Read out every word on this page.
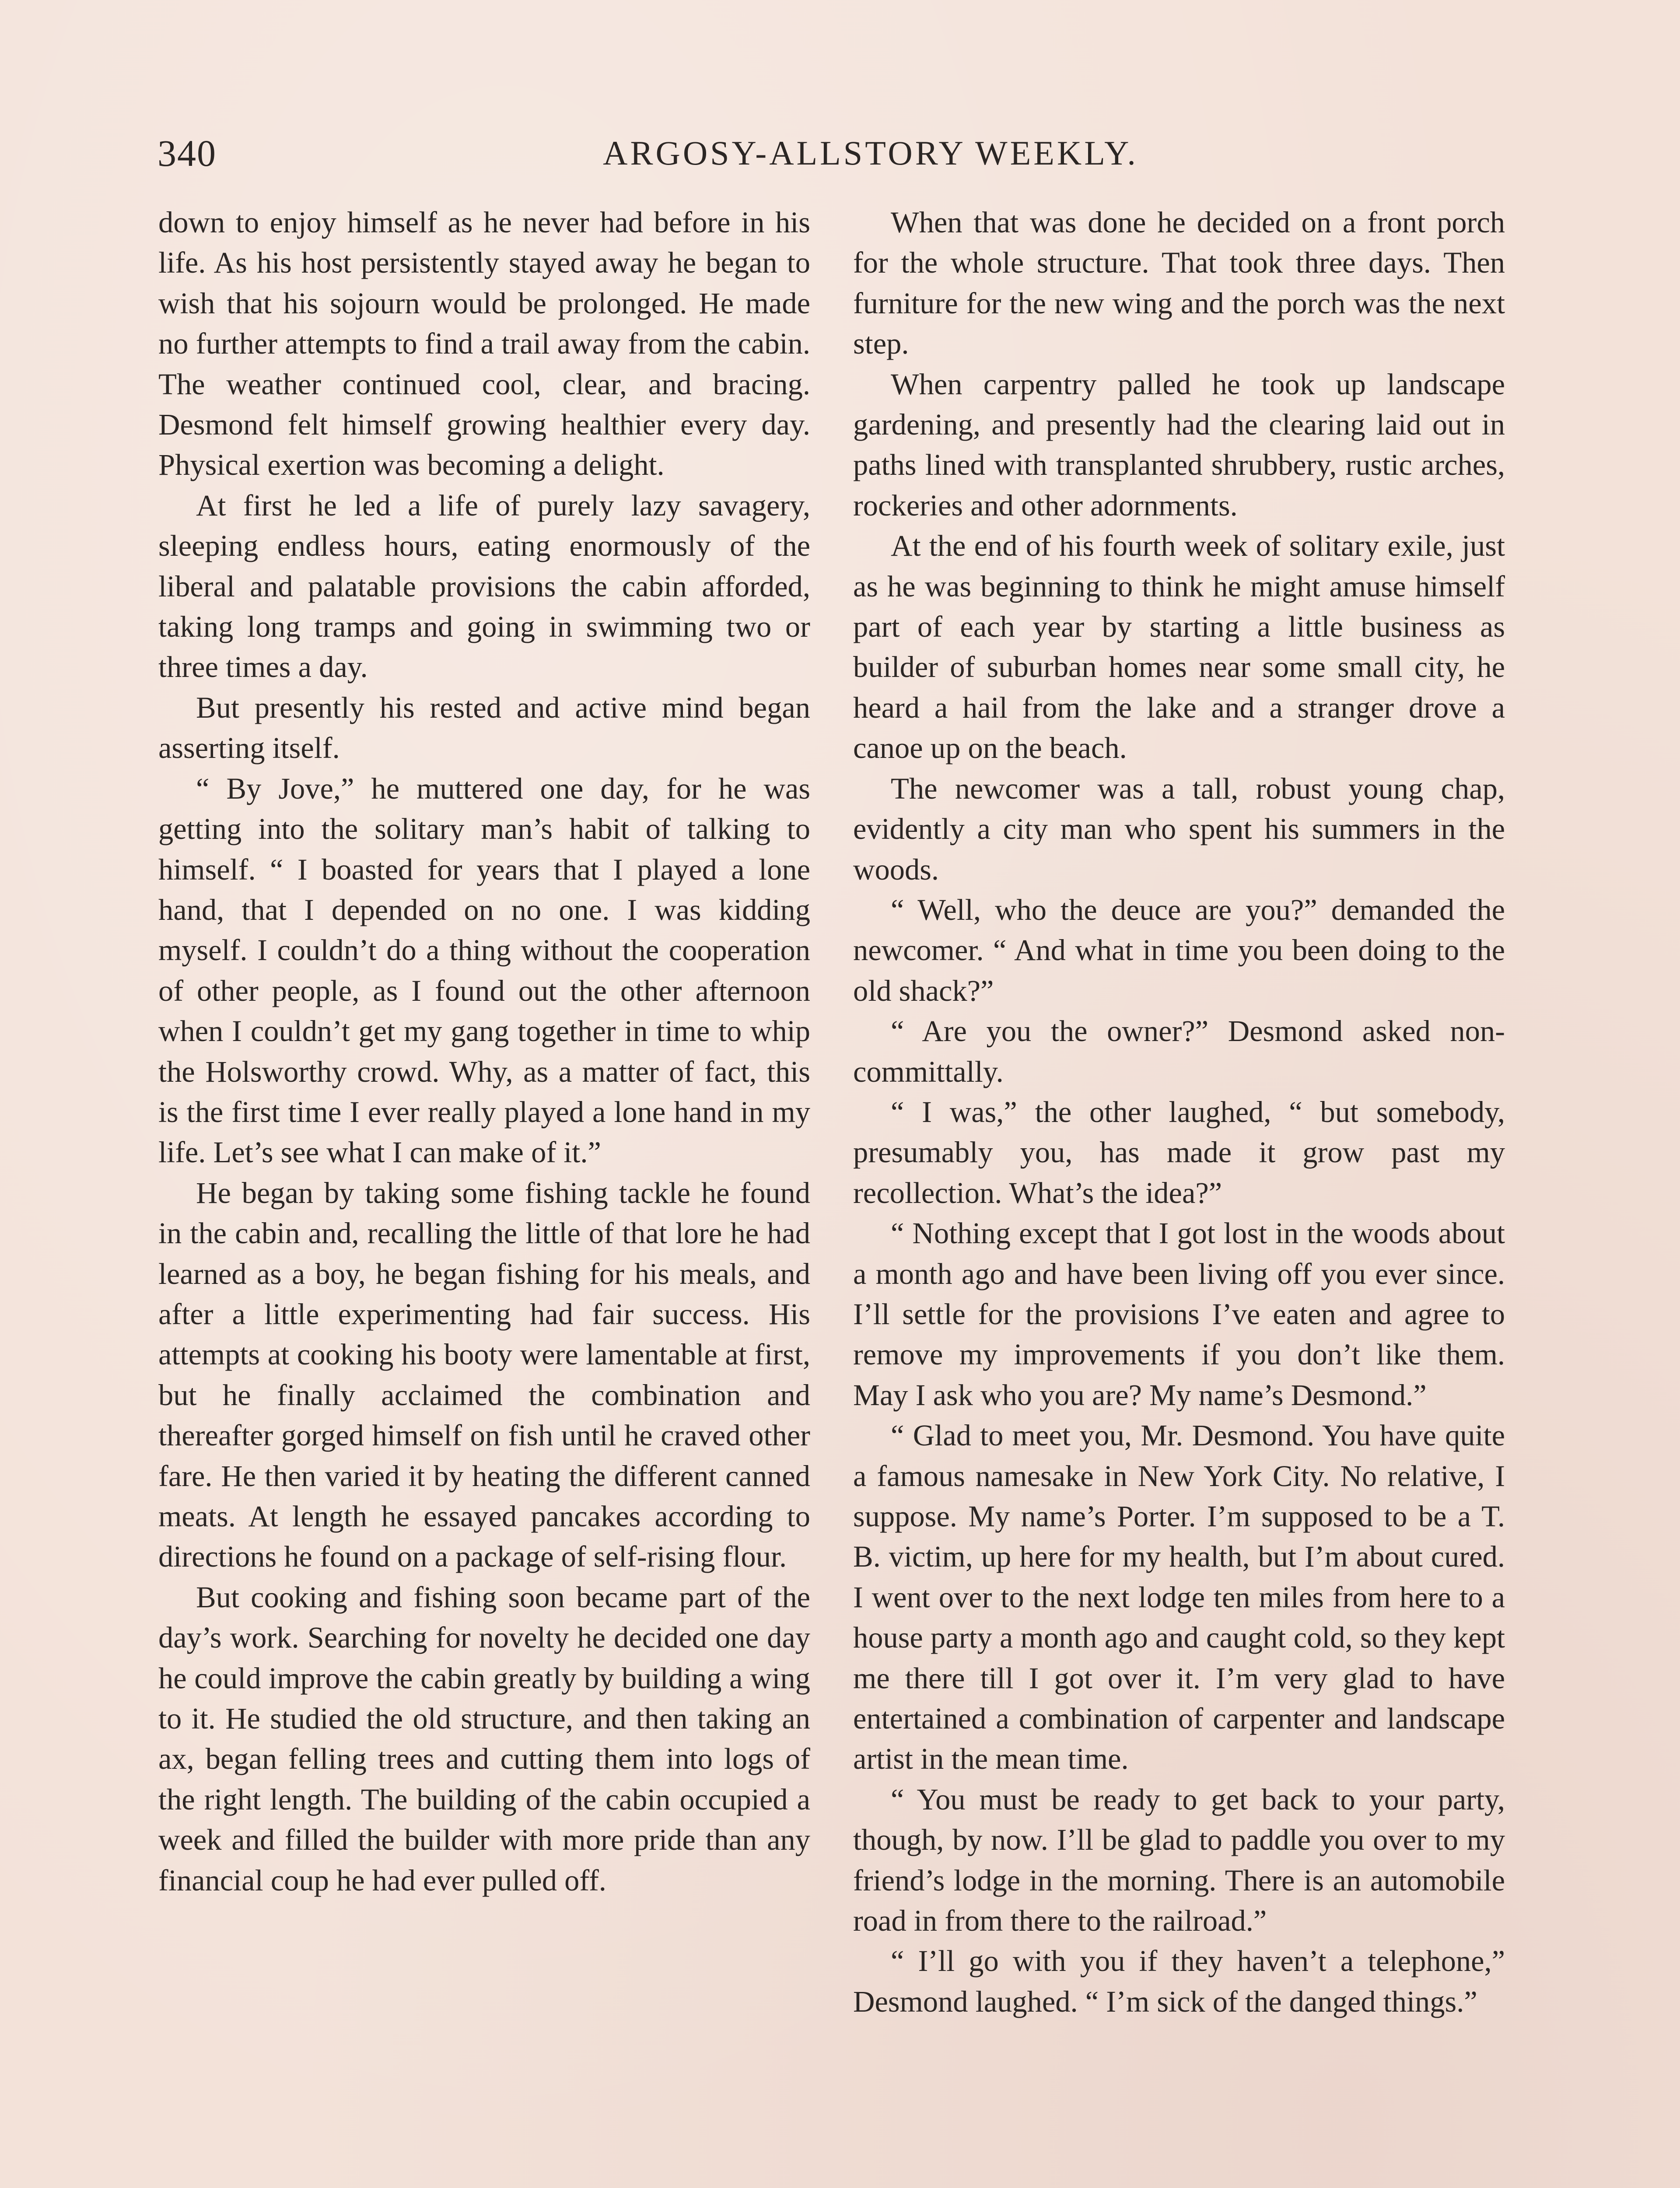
340	ARGOSY-ALLSTORY WEEKLY.

down to enjoy himself as he never had before in his life. As his host persistently stayed away he began to wish that his sojourn would be prolonged. He made no further attempts to find a trail away from the cabin. The weather continued cool, clear, and bracing. Desmond felt himself growing healthier every day. Physical exertion was becoming a delight.

At first he led a life of purely lazy savagery, sleeping endless hours, eating enormously of the liberal and palatable provisions the cabin afforded, taking long tramps and going in swimming two or three times a day.

But presently his rested and active mind began asserting itself.

“ By Jove,” he muttered one day, for he was getting into the solitary man’s habit of talking to himself. “ I boasted for years that I played a lone hand, that I depended on no one. I was kidding myself. I couldn’t do a thing without the cooperation of other people, as I found out the other afternoon when I couldn’t get my gang together in time to whip the Holsworthy crowd. Why, as a matter of fact, this is the first time I ever really played a lone hand in my life. Let’s see what I can make of it.”

He began by taking some fishing tackle he found in the cabin and, recalling the little of that lore he had learned as a boy, he began fishing for his meals, and after a little experimenting had fair success. His attempts at cooking his booty were lamentable at first, but he finally acclaimed the combination and thereafter gorged himself on fish until he craved other fare. He then varied it by heating the different canned meats. At length he essayed pancakes according to directions he found on a package of self-rising flour.

But cooking and fishing soon became part of the day’s work. Searching for novelty he decided one day he could improve the cabin greatly by building a wing to it. He studied the old structure, and then taking an ax, began felling trees and cutting them into logs of the right length. The building of the cabin occupied a week and filled the builder with more pride than any financial coup he had ever pulled off.

When that was done he decided on a front porch for the whole structure. That took three days. Then furniture for the new wing and the porch was the next step.

When carpentry palled he took up landscape gardening, and presently had the clearing laid out in paths lined with transplanted shrubbery, rustic arches, rockeries and other adornments.

At the end of his fourth week of solitary exile, just as he was beginning to think he might amuse himself part of each year by starting a little business as builder of suburban homes near some small city, he heard a hail from the lake and a stranger drove a canoe up on the beach.

The newcomer was a tall, robust young chap, evidently a city man who spent his summers in the woods.

“ Well, who the deuce are you?” demanded the newcomer. “ And what in time you been doing to the old shack?”

“ Are you the owner?” Desmond asked non-committally.

“ I was,” the other laughed, “ but somebody, presumably you, has made it grow past my recollection. What’s the idea?”

“ Nothing except that I got lost in the woods about a month ago and have been living off you ever since. I’ll settle for the provisions I’ve eaten and agree to remove my improvements if you don’t like them. May I ask who you are? My name’s Desmond.”

“ Glad to meet you, Mr. Desmond. You have quite a famous namesake in New York City. No relative, I suppose. My name’s Porter. I’m supposed to be a T. B. victim, up here for my health, but I’m about cured. I went over to the next lodge ten miles from here to a house party a month ago and caught cold, so they kept me there till I got over it. I’m very glad to have entertained a combination of carpenter and landscape artist in the mean time.

“ You must be ready to get back to your party, though, by now. I’ll be glad to paddle you over to my friend’s lodge in the morning. There is an automobile road in from there to the railroad.”

“ I’ll go with you if they haven’t a telephone,” Desmond laughed. “ I’m sick of the danged things.”
